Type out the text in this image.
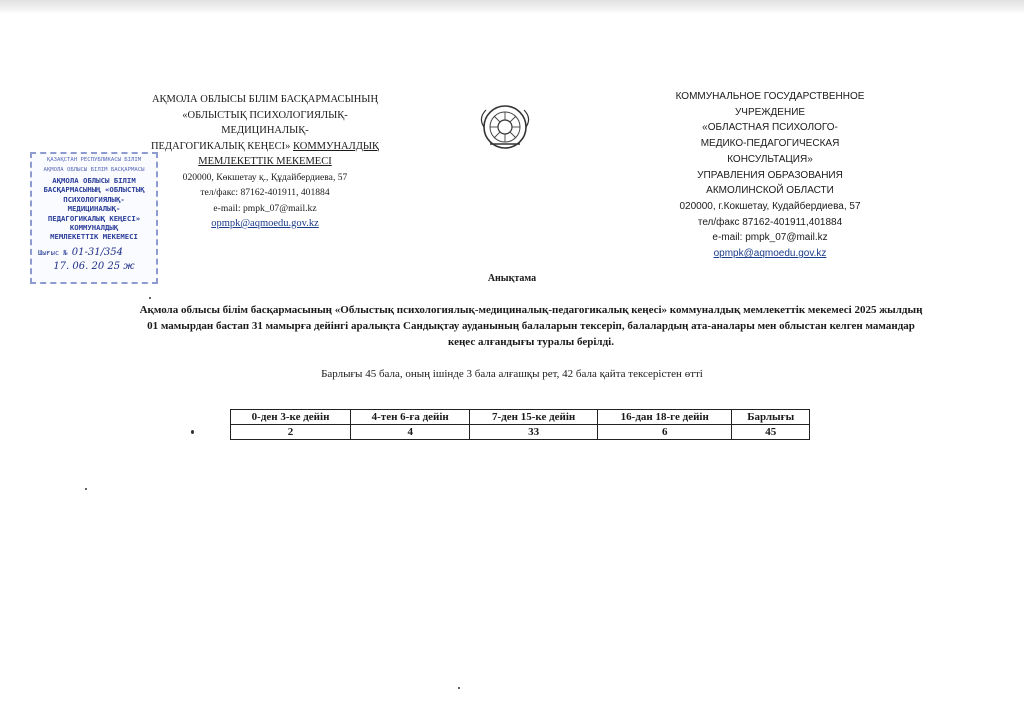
АҚМОЛА ОБЛЫСЫ БІЛІМ БАСҚАРМАСЫНЫҢ
«ОБЛЫСТЫҚ ПСИХОЛОГИЯЛЫҚ-
МЕДИЦИНАЛЫҚ-
ПЕДАГОГИКАЛЫҚ КЕҢЕСІ» КОММУНАЛДЫҚ
МЕМЛЕКЕТТІК МЕКЕМЕСІ
020000, Көкшетау қ., Құдайбердиева, 57
тел/факс: 87162-401911, 401884
e-mail: pmpk_07@mail.kz
opmpk@aqmoedu.gov.kz
КОММУНАЛЬНОЕ ГОСУДАРСТВЕННОЕ УЧРЕЖДЕНИЕ
«ОБЛАСТНАЯ ПСИХОЛОГО-
МЕДИКО-ПЕДАГОГИЧЕСКАЯ
КОНСУЛЬТАЦИЯ»
УПРАВЛЕНИЯ ОБРАЗОВАНИЯ
АКМОЛИНСКОЙ ОБЛАСТИ
020000, г.Кокшетау, Кудайбердиева, 57
тел/факс 87162-401911,401884
e-mail: pmpk_07@mail.kz
opmpk@aqmoedu.gov.kz
ҚАЗАҚСТАН РЕСПУБЛИКАСЫ БІЛІМ
АҚМОЛА ОБЛЫСЫ БІЛІМ БАСҚАРМАСЫ
АҚМОЛА ОБЛЫСЫ БІЛІМ
БАСҚАРМАСЫНЫҢ «ОБЛЫСТЫҚ
ПСИХОЛОГИЯЛЫҚ-
МЕДИЦИНАЛЫҚ-
ПЕДАГОГИКАЛЫҚ КЕҢЕСІ»
КОММУНАЛДЫҚ
МЕМЛЕКЕТТІК МЕКЕМЕСІ
Шығыс № 01-31/354
17. 06. 20 25 ж
Анықтама
Ақмола облысы білім басқармасының «Облыстық психологиялық-медициналық-педагогикалық кеңесі» коммуналдық мемлекеттік мекемесі 2025 жылдың 01 мамырдан бастап 31 мамырға дейінгі аралықта Сандықтау ауданының балаларын тексеріп, балалардың ата-аналары мен облыстан келген мамандар кеңес алғандығы туралы берілді.
Барлығы 45 бала, оның ішінде 3 бала алғашқы рет, 42 бала қайта тексерістен өтті
0-ден 3-ке дейін	4-тен 6-ға дейін	7-ден 15-ке дейін	16-дан 18-ге дейін	Барлығы
2	4	33	6	45
